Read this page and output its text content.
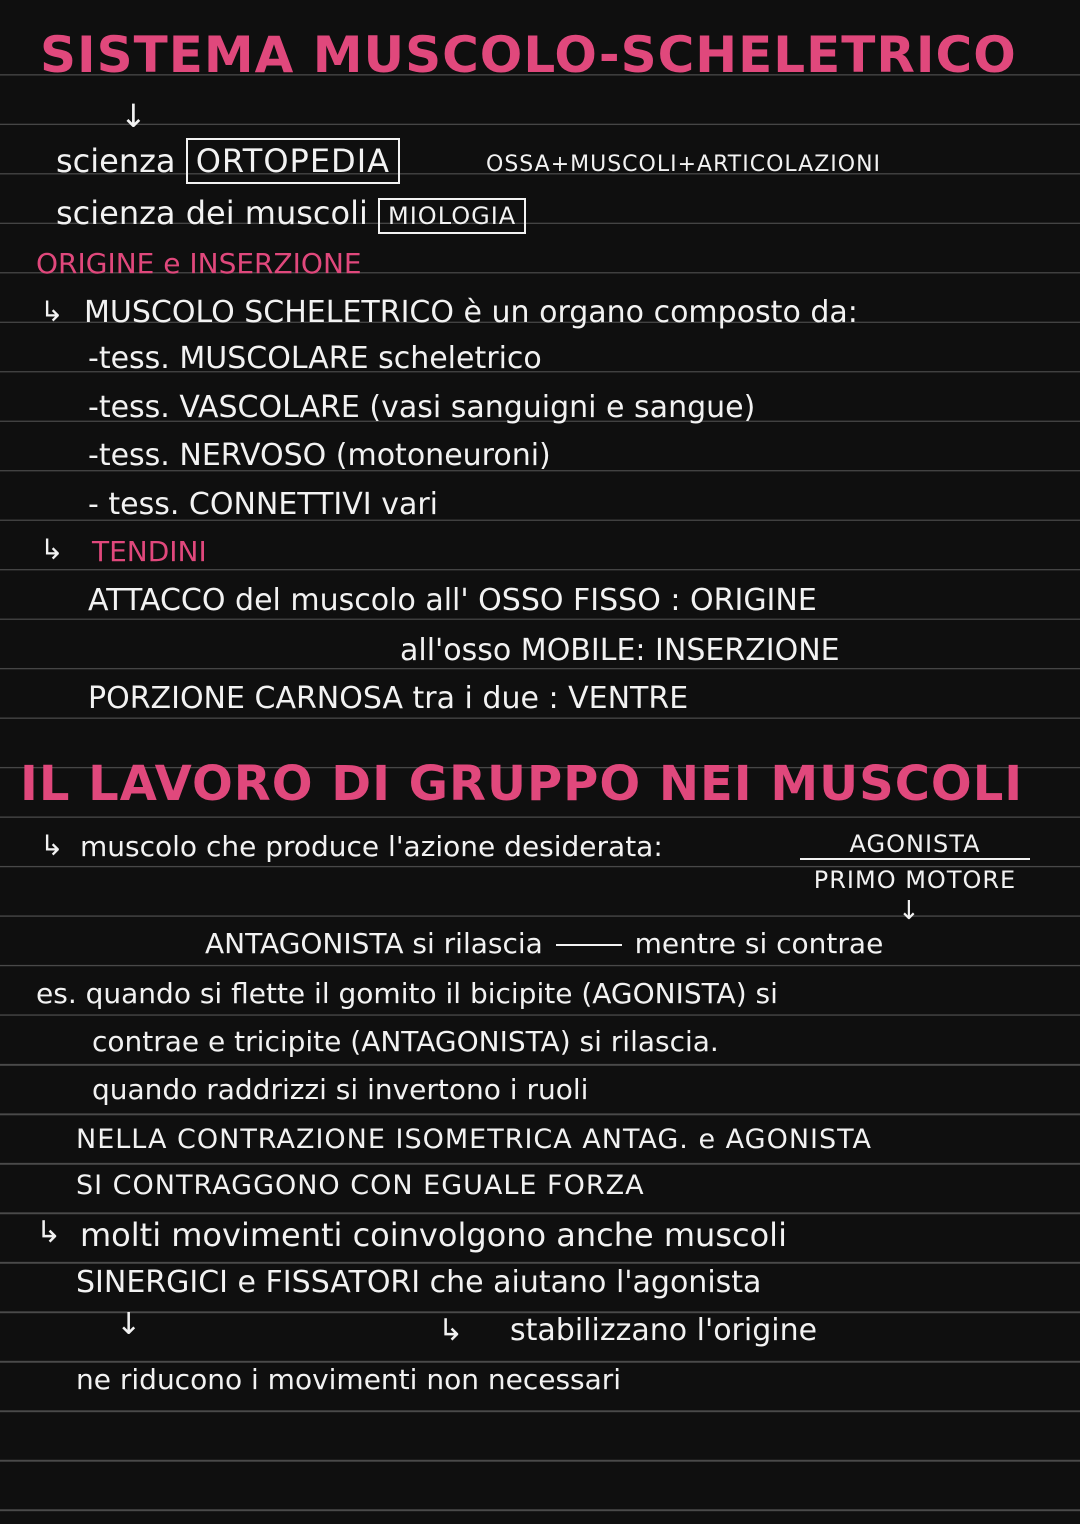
SISTEMA MUSCOLO-SCHELETRICO
↓
scienza ORTOPEDIA	OSSA+MUSCOLI+ARTICOLAZIONI
scienza dei muscoli MIOLOGIA
ORIGINE e INSERZIONE
↳ MUSCOLO SCHELETRICO è un organo composto da:
-tess. MUSCOLARE scheletrico
-tess. VASCOLARE (vasi sanguigni e sangue)
-tess. NERVOSO (motoneuroni)
- tess. CONNETTIVI vari
↳ TENDINI
ATTACCO del muscolo all' OSSO FISSO : ORIGINE
all'osso MOBILE: INSERZIONE
PORZIONE CARNOSA tra i due : VENTRE
IL LAVORO DI GRUPPO NEI MUSCOLI
↳ muscolo che produce l'azione desiderata:	AGONISTA
PRIMO MOTORE
↓
ANTAGONISTA si rilascia	mentre si contrae
es. quando si flette il gomito il bicipite (AGONISTA) si
contrae e tricipite (ANTAGONISTA) si rilascia.
quando raddrizzi si invertono i ruoli
NELLA CONTRAZIONE ISOMETRICA ANTAG. e AGONISTA
SI CONTRAGGONO CON EGUALE FORZA
↳ molti movimenti coinvolgono anche muscoli
SINERGICI e FISSATORI che aiutano l'agonista
↓	↳ stabilizzano l'origine
ne riducono i movimenti non necessari
